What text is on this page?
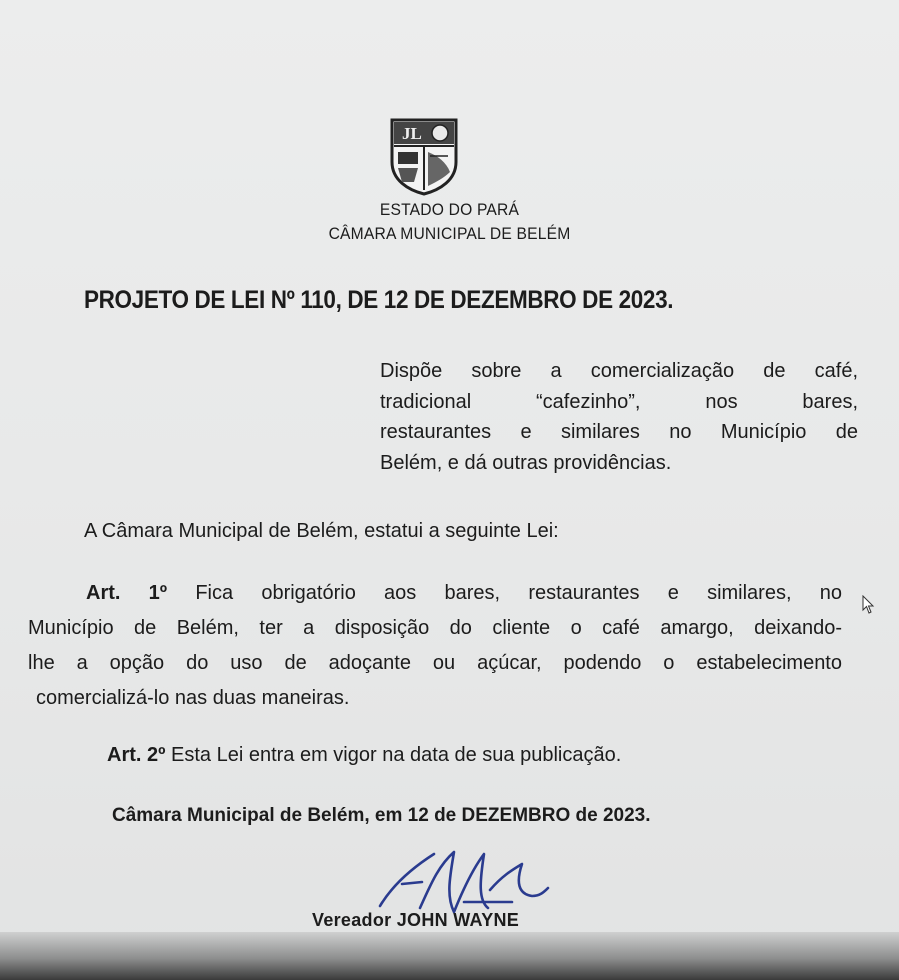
JL
ESTADO DO PARÁ
CÂMARA MUNICIPAL DE BELÉM
PROJETO DE LEI Nº 110, DE 12 DE DEZEMBRO DE 2023.
Dispõe sobre a comercialização de café,
tradicional “cafezinho”, nos bares,
restaurantes e similares no Município de
Belém, e dá outras providências.
A Câmara Municipal de Belém, estatui a seguinte Lei:
Art. 1º Fica obrigatório aos bares, restaurantes e similares, no
Município de Belém, ter a disposição do cliente o café amargo, deixando-
lhe a opção do uso de adoçante ou açúcar, podendo o estabelecimento
comercializá-lo nas duas maneiras.
Art. 2º Esta Lei entra em vigor na data de sua publicação.
Câmara Municipal de Belém, em 12 de DEZEMBRO de 2023.
Vereador JOHN WAYNE
